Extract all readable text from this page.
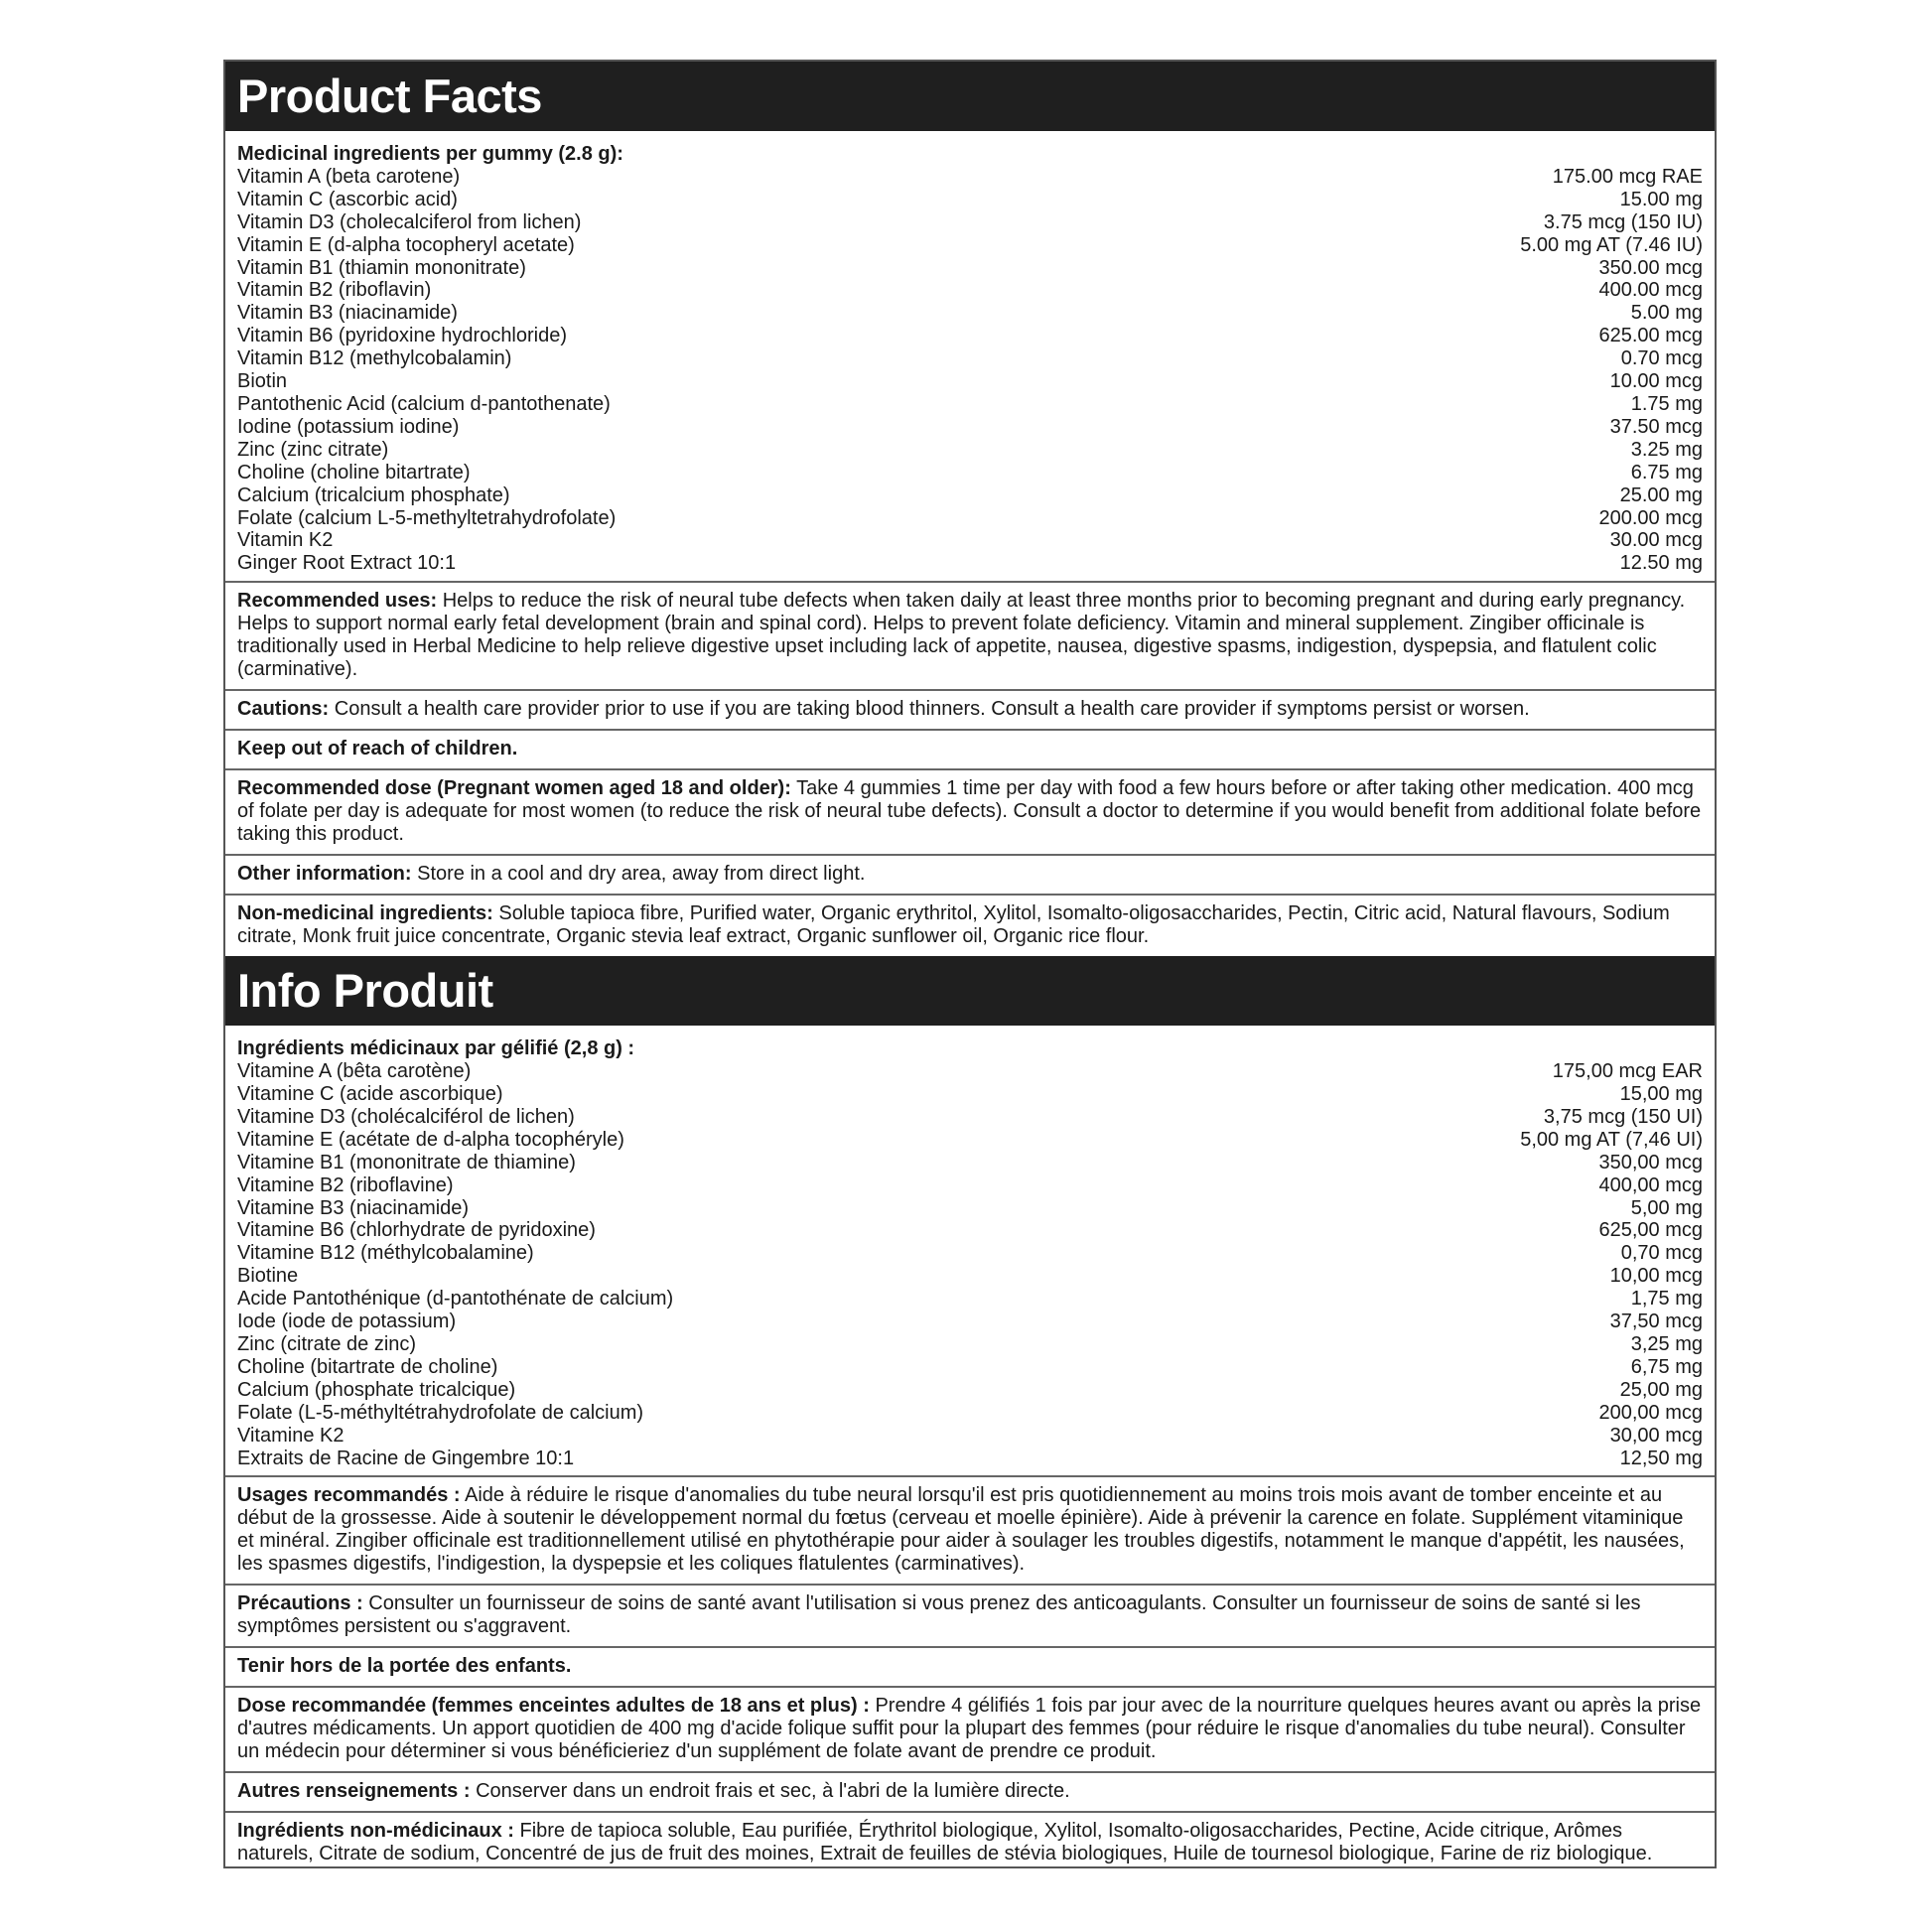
Product Facts
Medicinal ingredients per gummy (2.8 g):
Vitamin A (beta carotene)	175.00 mcg RAE
Vitamin C (ascorbic acid)	15.00 mg
Vitamin D3 (cholecalciferol from lichen)	3.75 mcg (150 IU)
Vitamin E (d-alpha tocopheryl acetate)	5.00 mg AT (7.46 IU)
Vitamin B1 (thiamin mononitrate)	350.00 mcg
Vitamin B2 (riboflavin)	400.00 mcg
Vitamin B3 (niacinamide)	5.00 mg
Vitamin B6 (pyridoxine hydrochloride)	625.00 mcg
Vitamin B12 (methylcobalamin)	0.70 mcg
Biotin	10.00 mcg
Pantothenic Acid (calcium d-pantothenate)	1.75 mg
Iodine (potassium iodine)	37.50 mcg
Zinc (zinc citrate)	3.25 mg
Choline (choline bitartrate)	6.75 mg
Calcium (tricalcium phosphate)	25.00 mg
Folate (calcium L-5-methyltetrahydrofolate)	200.00 mcg
Vitamin K2	30.00 mcg
Ginger Root Extract 10:1	12.50 mg
Recommended uses: Helps to reduce the risk of neural tube defects when taken daily at least three months prior to becoming pregnant and during early pregnancy. Helps to support normal early fetal development (brain and spinal cord). Helps to prevent folate deficiency. Vitamin and mineral supplement. Zingiber officinale is traditionally used in Herbal Medicine to help relieve digestive upset including lack of appetite, nausea, digestive spasms, indigestion, dyspepsia, and flatulent colic (carminative).
Cautions: Consult a health care provider prior to use if you are taking blood thinners. Consult a health care provider if symptoms persist or worsen.
Keep out of reach of children.
Recommended dose (Pregnant women aged 18 and older): Take 4 gummies 1 time per day with food a few hours before or after taking other medication. 400 mcg of folate per day is adequate for most women (to reduce the risk of neural tube defects). Consult a doctor to determine if you would benefit from additional folate before taking this product.
Other information: Store in a cool and dry area, away from direct light.
Non-medicinal ingredients: Soluble tapioca fibre, Purified water, Organic erythritol, Xylitol, Isomalto-oligosaccharides, Pectin, Citric acid, Natural flavours, Sodium citrate, Monk fruit juice concentrate, Organic stevia leaf extract, Organic sunflower oil, Organic rice flour.
Info Produit
Ingrédients médicinaux par gélifié (2,8 g) :
Vitamine A (bêta carotène)	175,00 mcg EAR
Vitamine C (acide ascorbique)	15,00 mg
Vitamine D3 (cholécalciférol de lichen)	3,75 mcg (150 UI)
Vitamine E (acétate de d-alpha tocophéryle)	5,00 mg AT (7,46 UI)
Vitamine B1 (mononitrate de thiamine)	350,00 mcg
Vitamine B2 (riboflavine)	400,00 mcg
Vitamine B3 (niacinamide)	5,00 mg
Vitamine B6 (chlorhydrate de pyridoxine)	625,00 mcg
Vitamine B12 (méthylcobalamine)	0,70 mcg
Biotine	10,00 mcg
Acide Pantothénique (d-pantothénate de calcium)	1,75 mg
Iode (iode de potassium)	37,50 mcg
Zinc (citrate de zinc)	3,25 mg
Choline (bitartrate de choline)	6,75 mg
Calcium (phosphate tricalcique)	25,00 mg
Folate (L-5-méthyltétrahydrofolate de calcium)	200,00 mcg
Vitamine K2	30,00 mcg
Extraits de Racine de Gingembre 10:1	12,50 mg
Usages recommandés : Aide à réduire le risque d'anomalies du tube neural lorsqu'il est pris quotidiennement au moins trois mois avant de tomber enceinte et au début de la grossesse. Aide à soutenir le développement normal du fœtus (cerveau et moelle épinière). Aide à prévenir la carence en folate. Supplément vitaminique et minéral. Zingiber officinale est traditionnellement utilisé en phytothérapie pour aider à soulager les troubles digestifs, notamment le manque d'appétit, les nausées, les spasmes digestifs, l'indigestion, la dyspepsie et les coliques flatulentes (carminatives).
Précautions : Consulter un fournisseur de soins de santé avant l'utilisation si vous prenez des anticoagulants. Consulter un fournisseur de soins de santé si les symptômes persistent ou s'aggravent.
Tenir hors de la portée des enfants.
Dose recommandée (femmes enceintes adultes de 18 ans et plus) : Prendre 4 gélifiés 1 fois par jour avec de la nourriture quelques heures avant ou après la prise d'autres médicaments. Un apport quotidien de 400 mg d'acide folique suffit pour la plupart des femmes (pour réduire le risque d'anomalies du tube neural). Consulter un médecin pour déterminer si vous bénéficieriez d'un supplément de folate avant de prendre ce produit.
Autres renseignements : Conserver dans un endroit frais et sec, à l'abri de la lumière directe.
Ingrédients non-médicinaux : Fibre de tapioca soluble, Eau purifiée, Érythritol biologique, Xylitol, Isomalto-oligosaccharides, Pectine, Acide citrique, Arômes naturels, Citrate de sodium, Concentré de jus de fruit des moines, Extrait de feuilles de stévia biologiques, Huile de tournesol biologique, Farine de riz biologique.
